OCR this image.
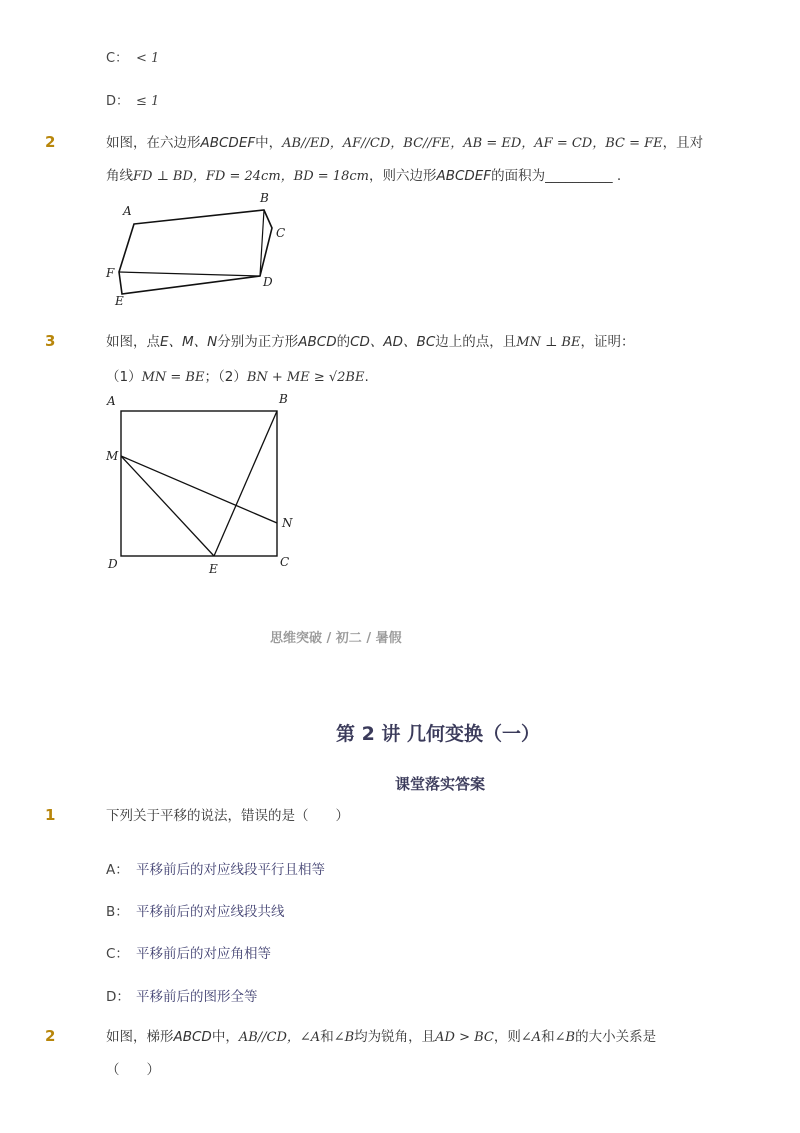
C： < 1
D： ≤ 1
2	如图，在六边形ABCDEF中，AB//ED，AF//CD，BC//FE，AB = ED，AF = CD，BC = FE，且对
角线FD ⊥ BD，FD = 24cm，BD = 18cm，则六边形ABCDEF的面积为__________ .
A
B
C
D
E
F
3	如图，点E、M、N分别为正方形ABCD的CD、AD、BC边上的点，且MN ⊥ BE，证明：
（1）MN = BE；（2）BN + ME ≥ √2BE.
A	B
C
D	E
M
N
思维突破 / 初二 / 暑假
第 2 讲 几何变换（一）
课堂落实答案
1	下列关于平移的说法，错误的是（　　）
A： 平移前后的对应线段平行且相等
B： 平移前后的对应线段共线
C： 平移前后的对应角相等
D： 平移前后的图形全等
2	如图，梯形ABCD中，AB//CD，∠A和∠B均为锐角，且AD > BC，则∠A和∠B的大小关系是
（　　）
